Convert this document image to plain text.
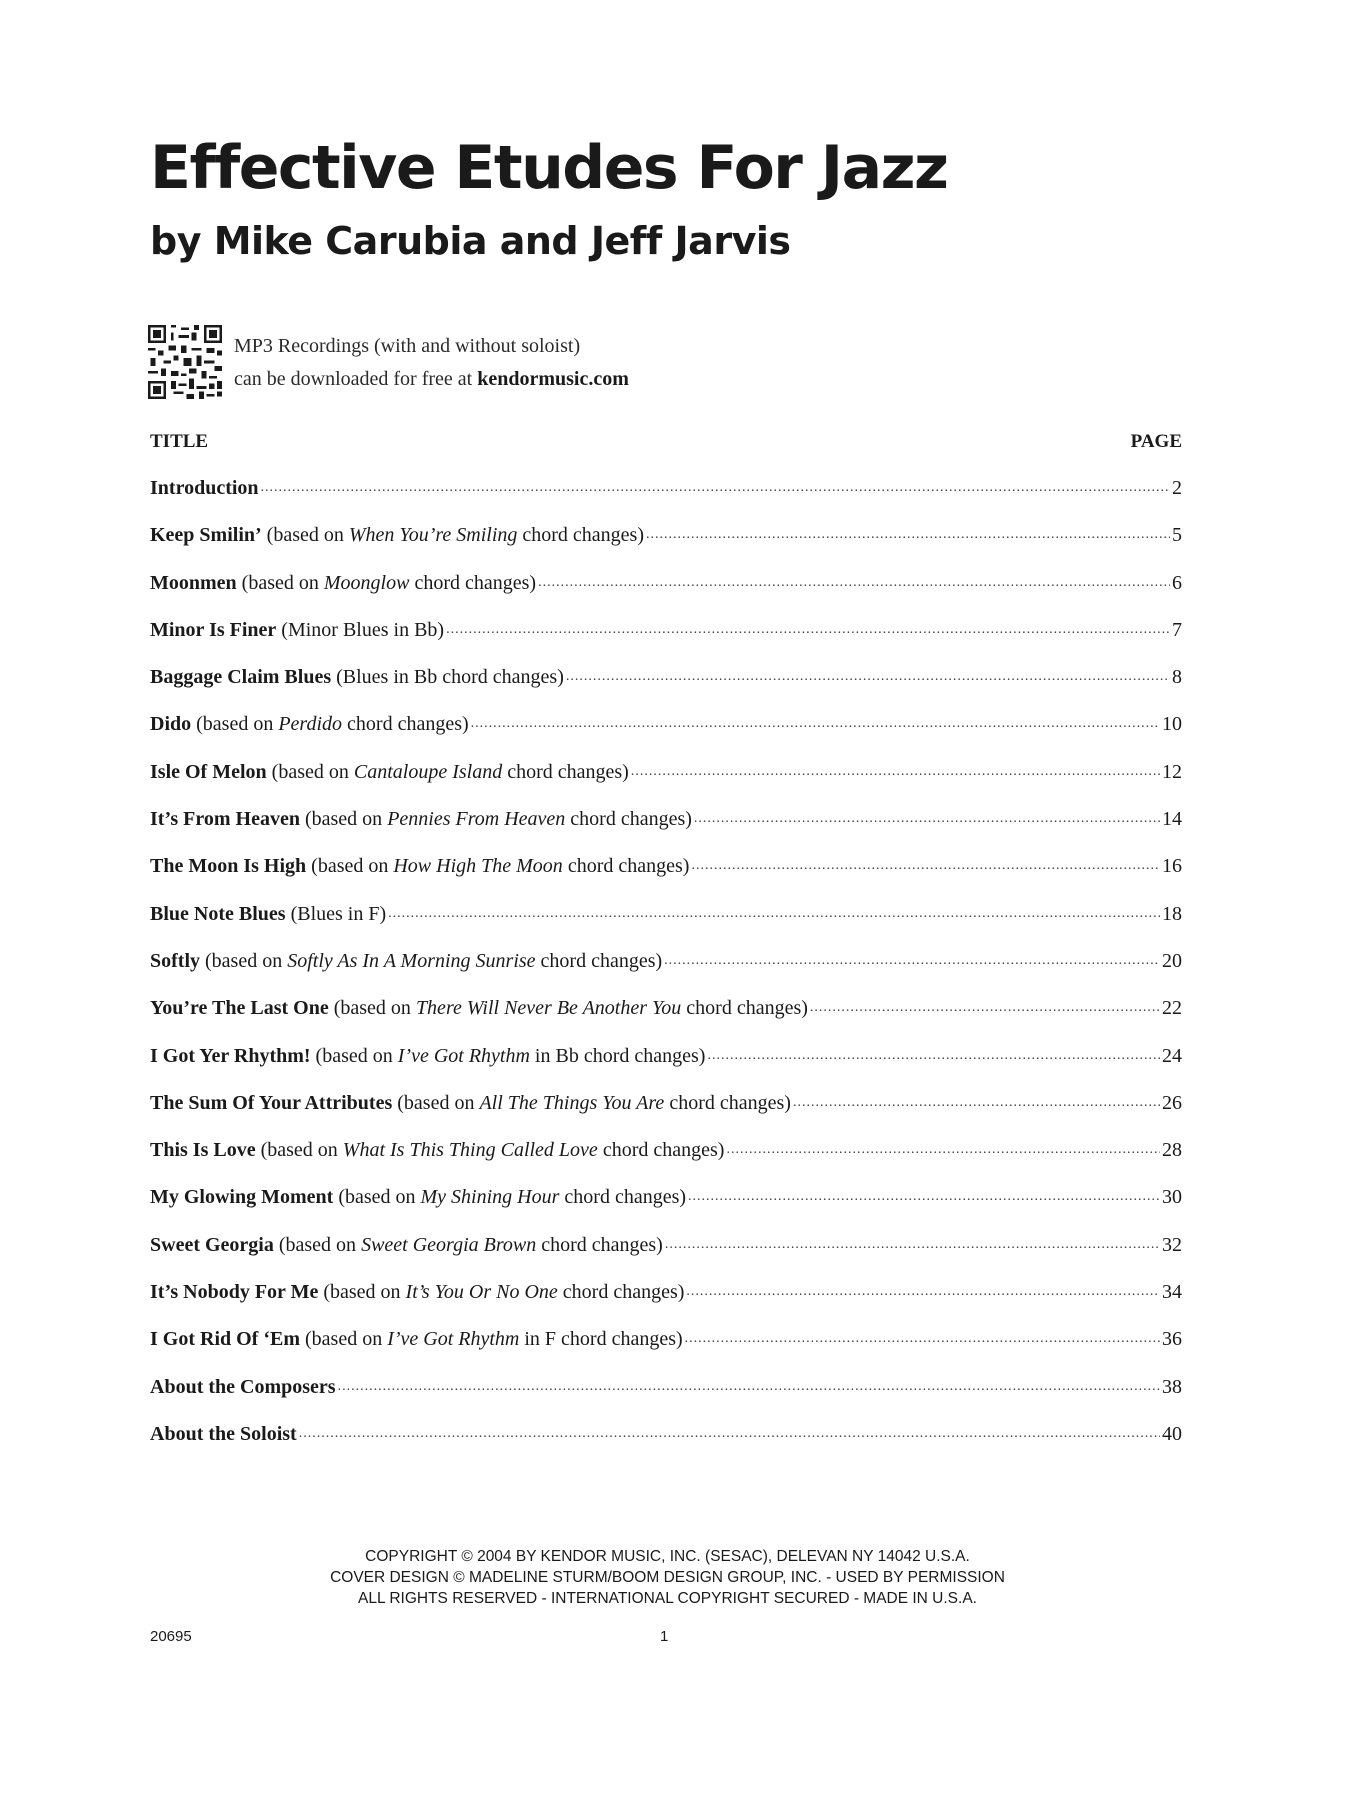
Effective Etudes For Jazz
by Mike Carubia and Jeff Jarvis
MP3 Recordings (with and without soloist)
can be downloaded for free at kendormusic.com
TITLE	PAGE
Introduction .....	2
Keep Smilin’ (based on When You’re Smiling chord changes) .....	5
Moonmen (based on Moonglow chord changes) .....	6
Minor Is Finer (Minor Blues in Bb) .....	7
Baggage Claim Blues (Blues in Bb chord changes) .....	8
Dido (based on Perdido chord changes) .....	10
Isle Of Melon (based on Cantaloupe Island chord changes) .....	12
It’s From Heaven (based on Pennies From Heaven chord changes) .....	14
The Moon Is High (based on How High The Moon chord changes) .....	16
Blue Note Blues (Blues in F) .....	18
Softly (based on Softly As In A Morning Sunrise chord changes) .....	20
You’re The Last One (based on There Will Never Be Another You chord changes) .....	22
I Got Yer Rhythm! (based on I’ve Got Rhythm in Bb chord changes) .....	24
The Sum Of Your Attributes (based on All The Things You Are chord changes) .....	26
This Is Love (based on What Is This Thing Called Love chord changes) .....	28
My Glowing Moment (based on My Shining Hour chord changes) .....	30
Sweet Georgia (based on Sweet Georgia Brown chord changes) .....	32
It’s Nobody For Me (based on It’s You Or No One chord changes) .....	34
I Got Rid Of ‘Em (based on I’ve Got Rhythm in F chord changes) .....	36
About the Composers .....	38
About the Soloist .....	40
COPYRIGHT © 2004 BY KENDOR MUSIC, INC. (SESAC), DELEVAN NY 14042 U.S.A.
COVER DESIGN © MADELINE STURM/BOOM DESIGN GROUP, INC. - USED BY PERMISSION
ALL RIGHTS RESERVED - INTERNATIONAL COPYRIGHT SECURED - MADE IN U.S.A.
20695	1
